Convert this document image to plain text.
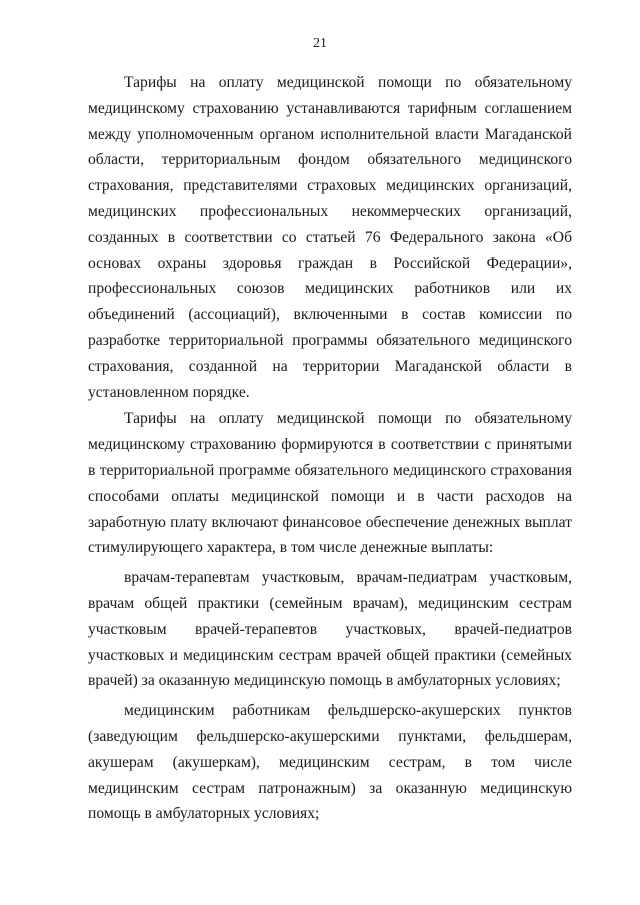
21

Тарифы на оплату медицинской помощи по обязательному медицинскому страхованию устанавливаются тарифным соглашением между уполномоченным органом исполнительной власти Магаданской области, территориальным фондом обязательного медицинского страхования, представителями страховых медицинских организаций, медицинских профессиональных некоммерческих организаций, созданных в соответствии со статьей 76 Федерального закона «Об основах охраны здоровья граждан в Российской Федерации», профессиональных союзов медицинских работников или их объединений (ассоциаций), включенными в состав комиссии по разработке территориальной программы обязательного медицинского страхования, созданной на территории Магаданской области в установленном порядке.

Тарифы на оплату медицинской помощи по обязательному медицинскому страхованию формируются в соответствии с принятыми в территориальной программе обязательного медицинского страхования способами оплаты медицинской помощи и в части расходов на заработную плату включают финансовое обеспечение денежных выплат стимулирующего характера, в том числе денежные выплаты:

врачам-терапевтам участковым, врачам-педиатрам участковым, врачам общей практики (семейным врачам), медицинским сестрам участковым врачей-терапевтов участковых, врачей-педиатров участковых и медицинским сестрам врачей общей практики (семейных врачей) за оказанную медицинскую помощь в амбулаторных условиях;

медицинским работникам фельдшерско-акушерских пунктов (заведующим фельдшерско-акушерскими пунктами, фельдшерам, акушерам (акушеркам), медицинским сестрам, в том числе медицинским сестрам патронажным) за оказанную медицинскую помощь в амбулаторных условиях;
